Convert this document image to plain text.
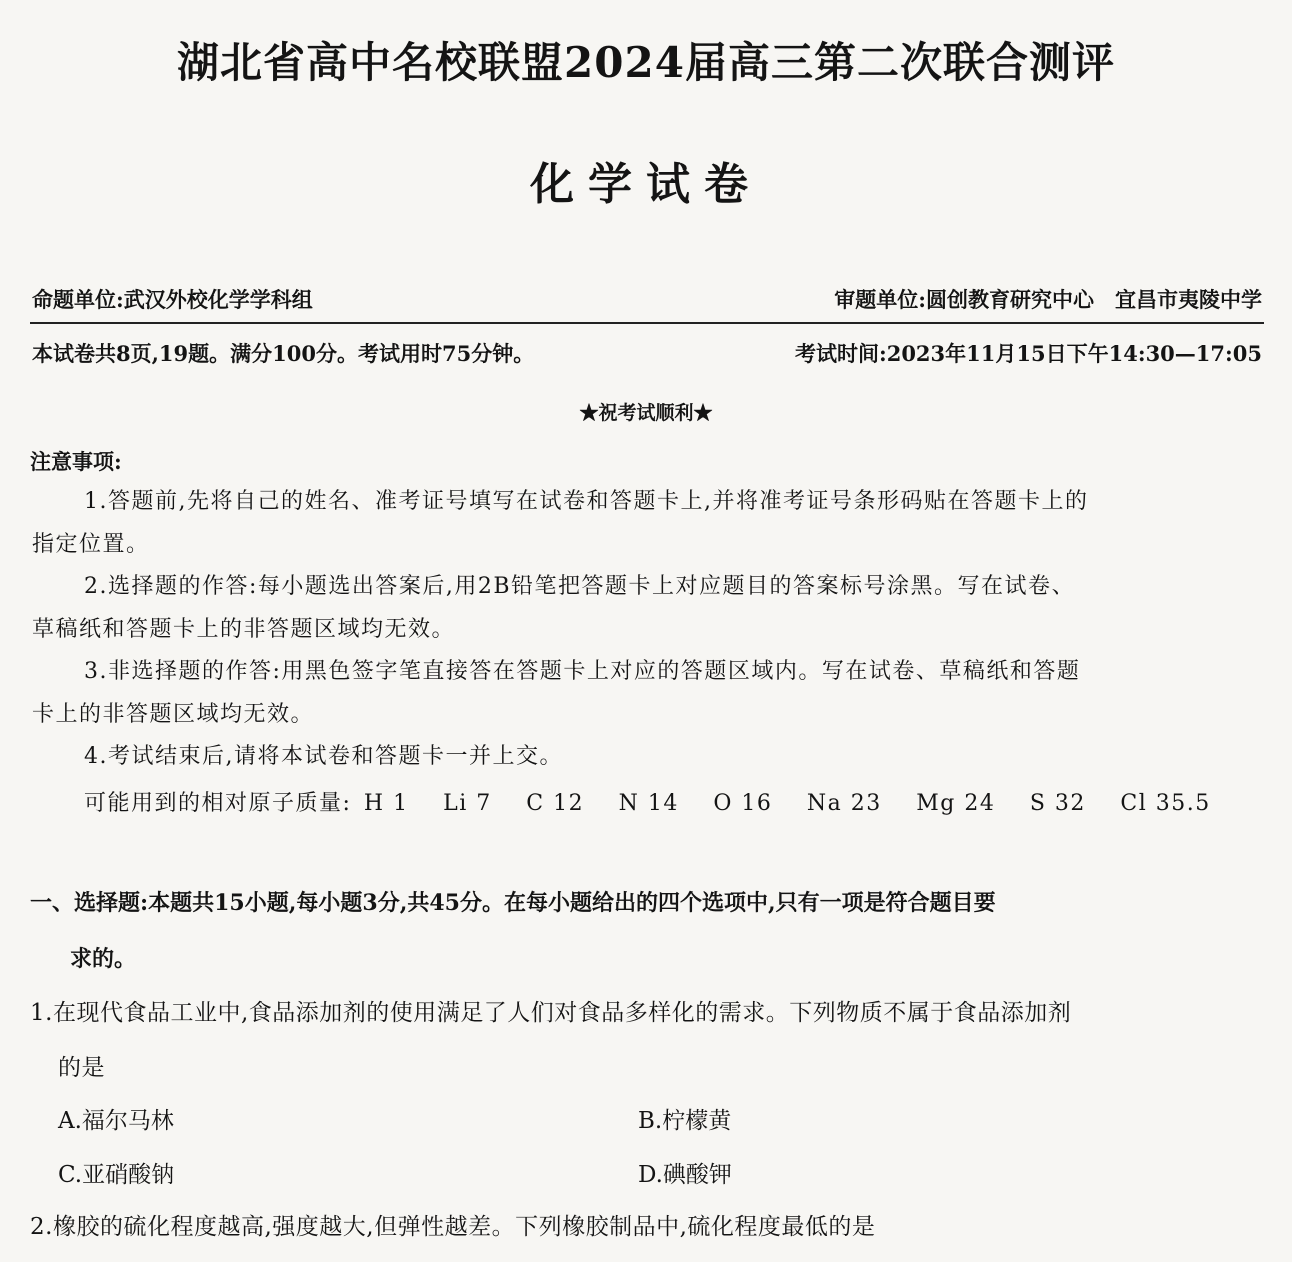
湖北省高中名校联盟2024届高三第二次联合测评
化学试卷
命题单位:武汉外校化学学科组	审题单位:圆创教育研究中心　宜昌市夷陵中学
本试卷共8页,19题。满分100分。考试用时75分钟。	考试时间:2023年11月15日下午14:30—17:05
★祝考试顺利★
注意事项:
1.答题前,先将自己的姓名、准考证号填写在试卷和答题卡上,并将准考证号条形码贴在答题卡上的
指定位置。
2.选择题的作答:每小题选出答案后,用2B铅笔把答题卡上对应题目的答案标号涂黑。写在试卷、
草稿纸和答题卡上的非答题区域均无效。
3.非选择题的作答:用黑色签字笔直接答在答题卡上对应的答题区域内。写在试卷、草稿纸和答题
卡上的非答题区域均无效。
4.考试结束后,请将本试卷和答题卡一并上交。
可能用到的相对原子质量: H 1 Li 7 C 12 N 14 O 16 Na 23 Mg 24 S 32 Cl 35.5
一、选择题:本题共15小题,每小题3分,共45分。在每小题给出的四个选项中,只有一项是符合题目要
求的。
1.在现代食品工业中,食品添加剂的使用满足了人们对食品多样化的需求。下列物质不属于食品添加剂
的是
A.福尔马林	B.柠檬黄
C.亚硝酸钠	D.碘酸钾
2.橡胶的硫化程度越高,强度越大,但弹性越差。下列橡胶制品中,硫化程度最低的是
